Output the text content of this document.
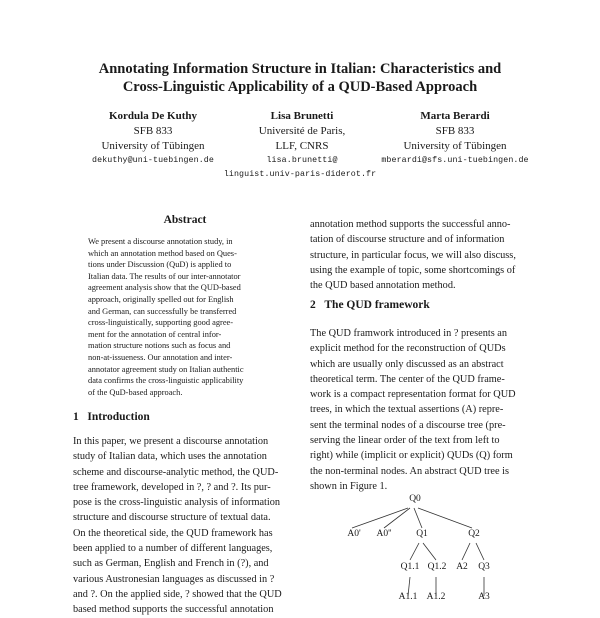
Annotating Information Structure in Italian: Characteristics and
Cross-Linguistic Applicability of a QUD-Based Approach
Kordula De Kuthy
SFB 833
University of Tübingen
dekuthy@uni-tuebingen.de
Lisa Brunetti
Université de Paris,
LLF, CNRS
lisa.brunetti@
Marta Berardi
SFB 833
University of Tübingen
mberardi@sfs.uni-tuebingen.de
linguist.univ-paris-diderot.fr
Abstract
We present a discourse annotation study, in
which an annotation method based on Ques-
tions under Discussion (QuD) is applied to
Italian data. The results of our inter-annotator
agreement analysis show that the QUD-based
approach, originally spelled out for English
and German, can successfully be transferred
cross-linguistically, supporting good agree-
ment for the annotation of central infor-
mation structure notions such as focus and
non-at-issueness. Our annotation and inter-
annotator agreement study on Italian authentic
data confirms the cross-linguistic applicability
of the QuD-based approach.
1 Introduction
In this paper, we present a discourse annotation
study of Italian data, which uses the annotation
scheme and discourse-analytic method, the QUD-
tree framework, developed in ?, ? and ?. Its pur-
pose is the cross-linguistic analysis of information
structure and discourse structure of textual data.
On the theoretical side, the QUD framework has
been applied to a number of different languages,
such as German, English and French in (?), and
various Austronesian languages as discussed in ?
and ?. On the applied side, ? showed that the QUD
based method supports the successful annotation
annotation method supports the successful anno-
tation of discourse structure and of information
structure, in particular focus, we will also discuss,
using the example of topic, some shortcomings of
the QUD based annotation method.
2 The QUD framework
The QUD framwork introduced in ? presents an
explicit method for the reconstruction of QUDs
which are usually only discussed as an abstract
theoretical term. The center of the QUD frame-
work is a compact representation format for QUD
trees, in which the textual assertions (A) repre-
sent the terminal nodes of a discourse tree (pre-
serving the linear order of the text from left to
right) while (implicit or explicit) QUDs (Q) form
the non-terminal nodes. An abstract QUD tree is
shown in Figure 1.
Q0
A0' A0''	Q1	Q2
Q1.1 Q1.2 A2 Q3
A1.1 A1.2	A3
